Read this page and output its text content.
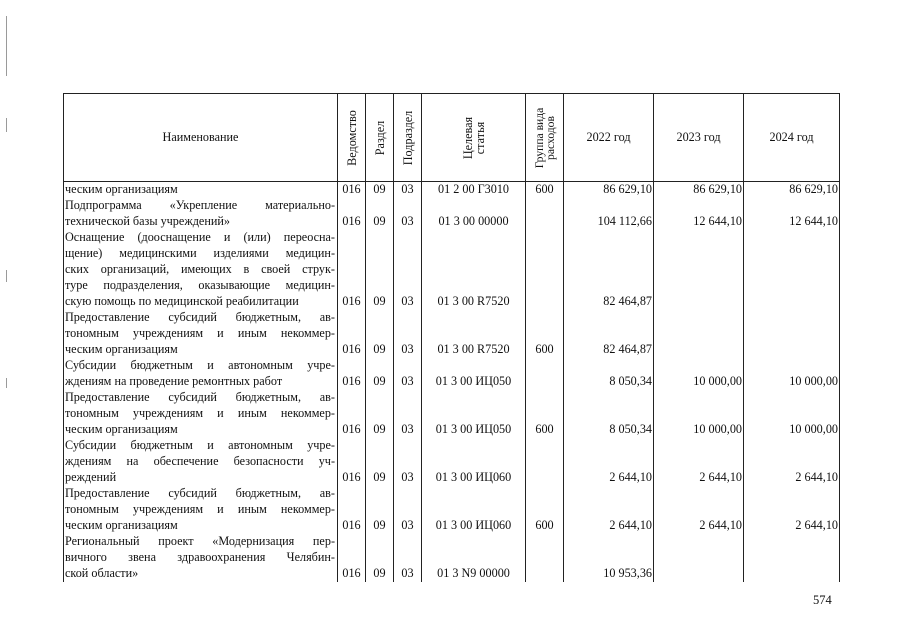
Наименование	Ведомство	Раздел	Подраздел	Целевая статья	Группа вида расходов	2022 год	2023 год	2024 год

ческим организациям	016	09	03	01 2 00 Г3010	600	86 629,10	86 629,10	86 629,10

Подпрограмма «Укрепление материально-								

технической базы учреждений»	016	09	03	01 3 00 00000		104 112,66	12 644,10	12 644,10

Оснащение (дооснащение и (или) переосна-								

щение) медицинскими изделиями медицин-								

ских организаций, имеющих в своей струк-								

туре подразделения, оказывающие медицин-								

скую помощь по медицинской реабилитации	016	09	03	01 3 00 R7520		82 464,87		

Предоставление субсидий бюджетным, ав-								

тономным учреждениям и иным некоммер-								

ческим организациям	016	09	03	01 3 00 R7520	600	82 464,87		

Субсидии бюджетным и автономным учре-								

ждениям на проведение ремонтных работ	016	09	03	01 3 00 ИЦ050		8 050,34	10 000,00	10 000,00

Предоставление субсидий бюджетным, ав-								

тономным учреждениям и иным некоммер-								

ческим организациям	016	09	03	01 3 00 ИЦ050	600	8 050,34	10 000,00	10 000,00

Субсидии бюджетным и автономным учре-								

ждениям на обеспечение безопасности уч-								

реждений	016	09	03	01 3 00 ИЦ060		2 644,10	2 644,10	2 644,10

Предоставление субсидий бюджетным, ав-								

тономным учреждениям и иным некоммер-								

ческим организациям	016	09	03	01 3 00 ИЦ060	600	2 644,10	2 644,10	2 644,10

Региональный проект «Модернизация пер-								

вичного звена здравоохранения Челябин-								

ской области»	016	09	03	01 3 N9 00000		10 953,36		
574
